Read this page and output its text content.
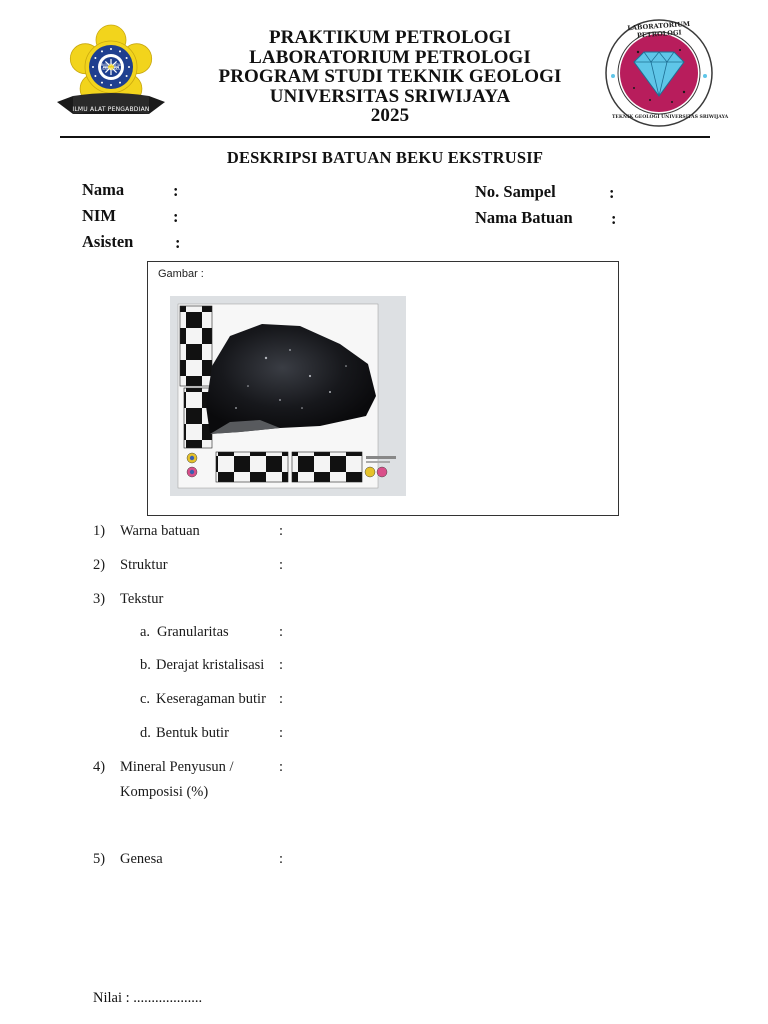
ILMU ALAT PENGABDIAN
UNIVERSITAS SRIWIJAYA
PRAKTIKUM PETROLOGI
LABORATORIUM PETROLOGI
PROGRAM STUDI TEKNIK GEOLOGI
UNIVERSITAS SRIWIJAYA
2025
LABORATORIUM PETROLOGI
TEKNIK GEOLOGI UNIVERSITAS SRIWIJAYA
DESKRIPSI BATUAN BEKU EKSTRUSIF
Nama	:
NIM	:
Asisten	:
No. Sampel	:
Nama Batuan :
Gambar :
1) Warna batuan	:
2) Struktur	:
3) Tekstur
a. Granularitas	:
b. Derajat kristalisasi :
c. Keseragaman butir :
d. Bentuk butir	:
4) Mineral Penyusun /
Komposisi (%)
:
5) Genesa	:
Nilai : ...................
